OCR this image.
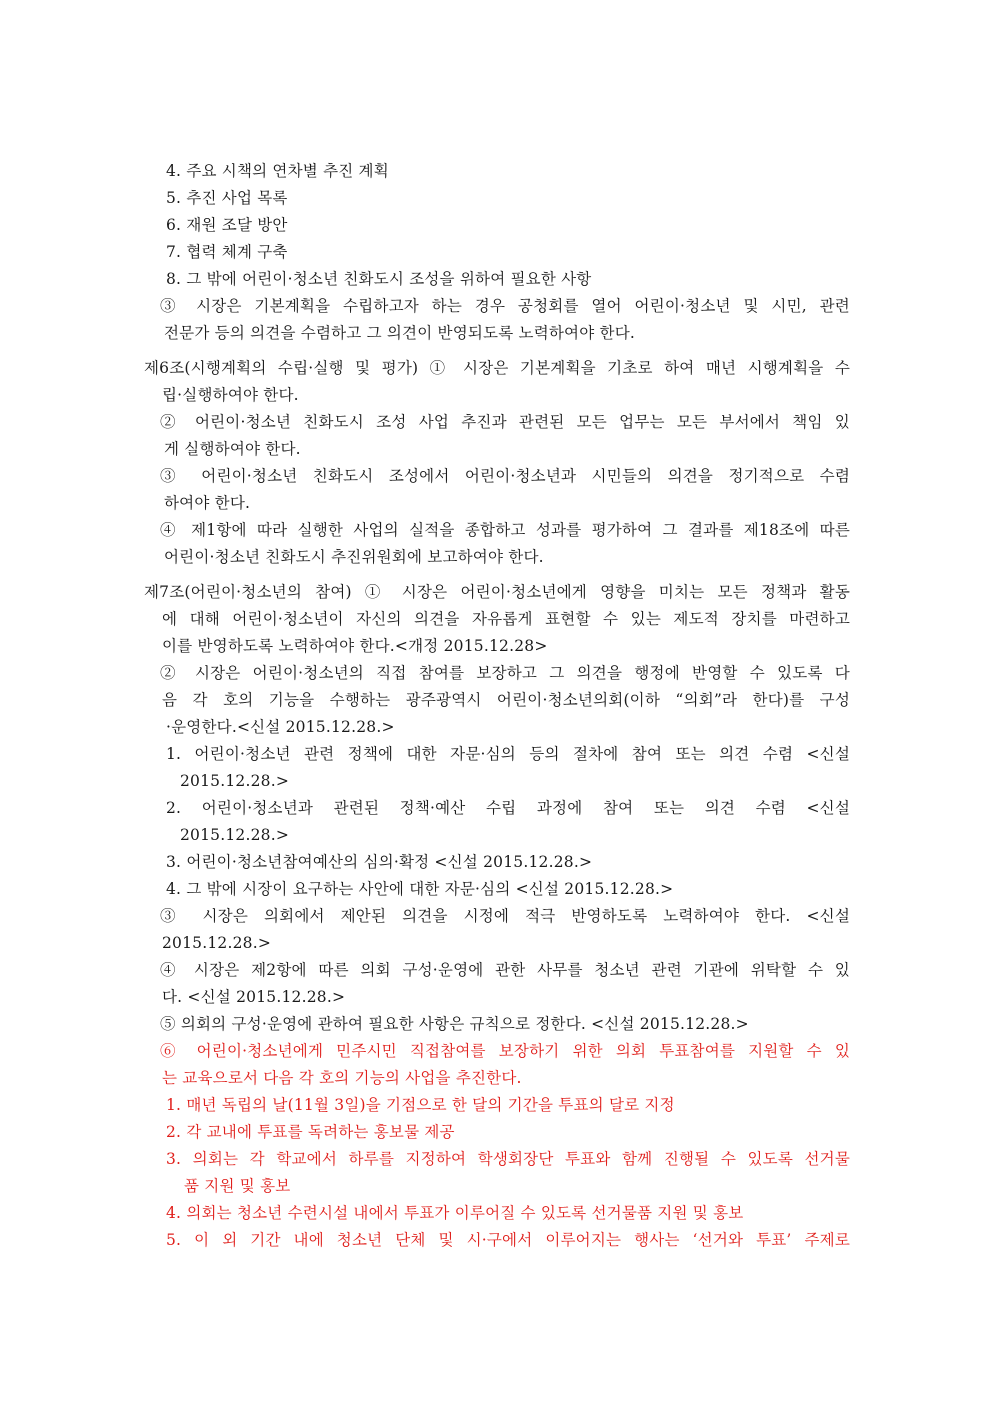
4. 주요 시책의 연차별 추진 계획
5. 추진 사업 목록
6. 재원 조달 방안
7. 협력 체계 구축
8. 그 밖에 어린이·청소년 친화도시 조성을 위하여 필요한 사항
③ 시장은 기본계획을 수립하고자 하는 경우 공청회를 열어 어린이·청소년 및 시민, 관련
전문가 등의 의견을 수렴하고 그 의견이 반영되도록 노력하여야 한다.
제6조(시행계획의 수립·실행 및 평가) ① 시장은 기본계획을 기초로 하여 매년 시행계획을 수
립·실행하여야 한다.
② 어린이·청소년 친화도시 조성 사업 추진과 관련된 모든 업무는 모든 부서에서 책임 있
게 실행하여야 한다.
③ 어린이·청소년 친화도시 조성에서 어린이·청소년과 시민들의 의견을 정기적으로 수렴
하여야 한다.
④ 제1항에 따라 실행한 사업의 실적을 종합하고 성과를 평가하여 그 결과를 제18조에 따른
어린이·청소년 친화도시 추진위원회에 보고하여야 한다.
제7조(어린이·청소년의 참여) ① 시장은 어린이·청소년에게 영향을 미치는 모든 정책과 활동
에 대해 어린이·청소년이 자신의 의견을 자유롭게 표현할 수 있는 제도적 장치를 마련하고
이를 반영하도록 노력하여야 한다.<개정 2015.12.28>
② 시장은 어린이·청소년의 직접 참여를 보장하고 그 의견을 행정에 반영할 수 있도록 다
음 각 호의 기능을 수행하는 광주광역시 어린이·청소년의회(이하 “의회”라 한다)를 구성
·운영한다.<신설 2015.12.28.>
1. 어린이·청소년 관련 정책에 대한 자문·심의 등의 절차에 참여 또는 의견 수렴 <신설
2015.12.28.>
2. 어린이·청소년과 관련된 정책·예산 수립 과정에 참여 또는 의견 수렴 <신설
2015.12.28.>
3. 어린이·청소년참여예산의 심의·확정 <신설 2015.12.28.>
4. 그 밖에 시장이 요구하는 사안에 대한 자문·심의 <신설 2015.12.28.>
③ 시장은 의회에서 제안된 의견을 시정에 적극 반영하도록 노력하여야 한다. <신설
2015.12.28.>
④ 시장은 제2항에 따른 의회 구성·운영에 관한 사무를 청소년 관련 기관에 위탁할 수 있
다. <신설 2015.12.28.>
⑤ 의회의 구성·운영에 관하여 필요한 사항은 규칙으로 정한다. <신설 2015.12.28.>
⑥ 어린이·청소년에게 민주시민 직접참여를 보장하기 위한 의회 투표참여를 지원할 수 있
는 교육으로서 다음 각 호의 기능의 사업을 추진한다.
1. 매년 독립의 날(11월 3일)을 기점으로 한 달의 기간을 투표의 달로 지정
2. 각 교내에 투표를 독려하는 홍보물 제공
3. 의회는 각 학교에서 하루를 지정하여 학생회장단 투표와 함께 진행될 수 있도록 선거물
품 지원 및 홍보
4. 의회는 청소년 수련시설 내에서 투표가 이루어질 수 있도록 선거물품 지원 및 홍보
5. 이 외 기간 내에 청소년 단체 및 시·구에서 이루어지는 행사는 ‘선거와 투표’ 주제로
